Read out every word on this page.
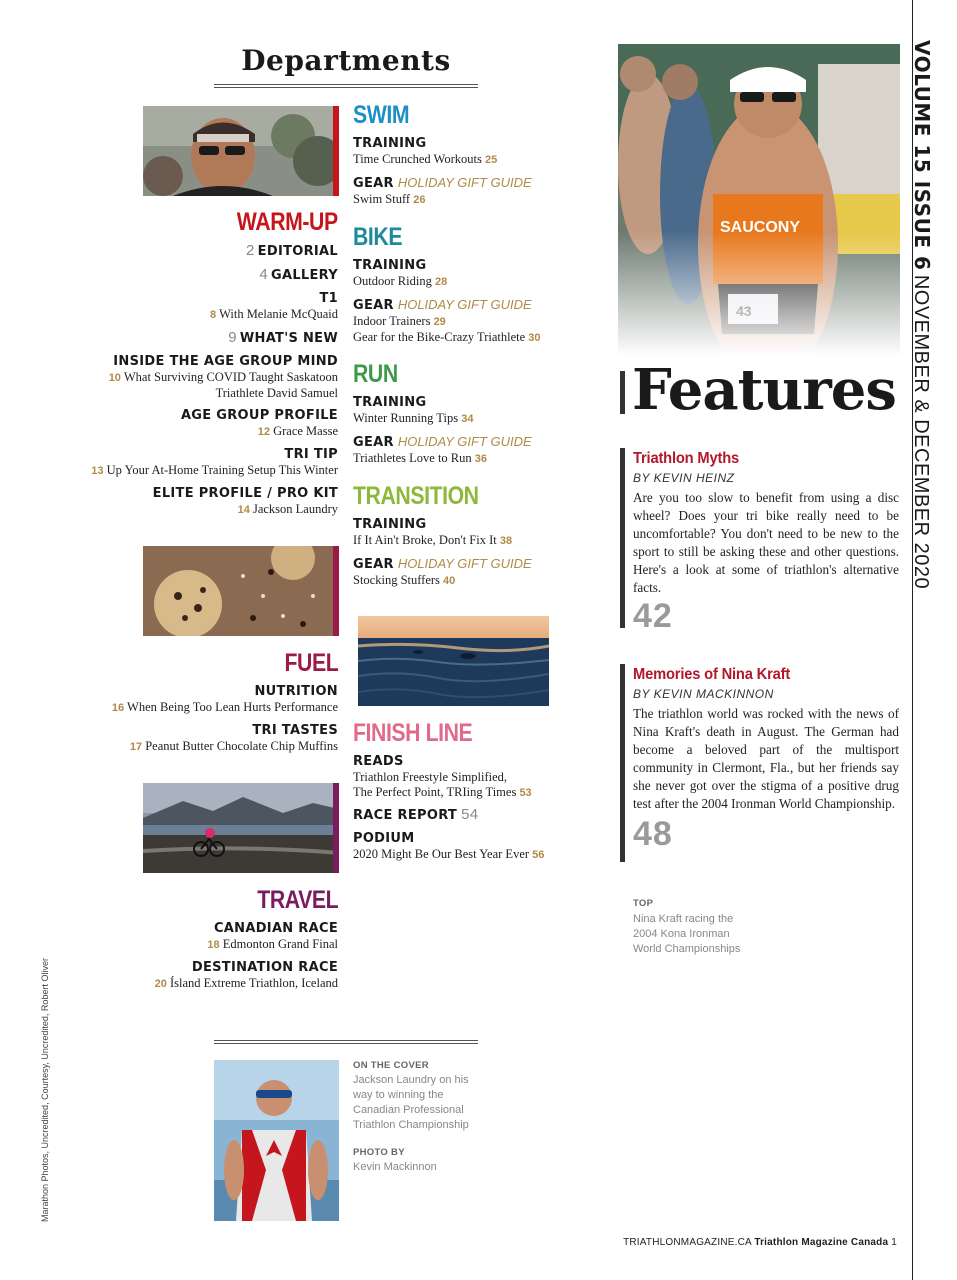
Departments
WARM-UP
2 EDITORIAL
4 GALLERY
T1
8 With Melanie McQuaid
9 WHAT'S NEW
INSIDE THE AGE GROUP MIND
10 What Surviving COVID Taught Saskatoon
Triathlete David Samuel
AGE GROUP PROFILE
12 Grace Masse
TRI TIP
13 Up Your At-Home Training Setup This Winter
ELITE PROFILE / PRO KIT
14 Jackson Laundry
FUEL
NUTRITION
16 When Being Too Lean Hurts Performance
TRI TASTES
17 Peanut Butter Chocolate Chip Muffins
TRAVEL
CANADIAN RACE
18 Edmonton Grand Final
DESTINATION RACE
20 Ísland Extreme Triathlon, Iceland
SWIM
TRAINING
Time Crunched Workouts 25
GEAR HOLIDAY GIFT GUIDE
Swim Stuff 26
BIKE
TRAINING
Outdoor Riding 28
GEAR HOLIDAY GIFT GUIDE
Indoor Trainers 29
Gear for the Bike-Crazy Triathlete 30
RUN
TRAINING
Winter Running Tips 34
GEAR HOLIDAY GIFT GUIDE
Triathletes Love to Run 36
TRANSITION
TRAINING
If It Ain't Broke, Don't Fix It 38
GEAR HOLIDAY GIFT GUIDE
Stocking Stuffers 40
FINISH LINE
READS
Triathlon Freestyle Simplified,
The Perfect Point, TRIing Times 53
RACE REPORT 54
PODIUM
2020 Might Be Our Best Year Ever 56
Features
Triathlon Myths
BY KEVIN HEINZ
Are you too slow to benefit from using a disc wheel? Does your tri bike really need to be uncomfortable? You don't need to be new to the sport to still be asking these and other questions. Here's a look at some of triathlon's alternative facts.
42
Memories of Nina Kraft
BY KEVIN MACKINNON
The triathlon world was rocked with the news of Nina Kraft's death in August. The German had become a beloved part of the multisport community in Clermont, Fla., but her friends say she never got over the stigma of a positive drug test after the 2004 Ironman World Championship.
48
TOP
Nina Kraft racing the 2004 Kona Ironman World Championships
VOLUME 15 ISSUE 6 NOVEMBER & DECEMBER 2020
ON THE COVER
Jackson Laundry on his way to winning the Canadian Professional Triathlon Championship
PHOTO BY
Kevin Mackinnon
Marathon Photos, Uncredited, Courtesy, Uncredited, Robert Oliver
TRIATHLONMAGAZINE.CA Triathlon Magazine Canada 1
